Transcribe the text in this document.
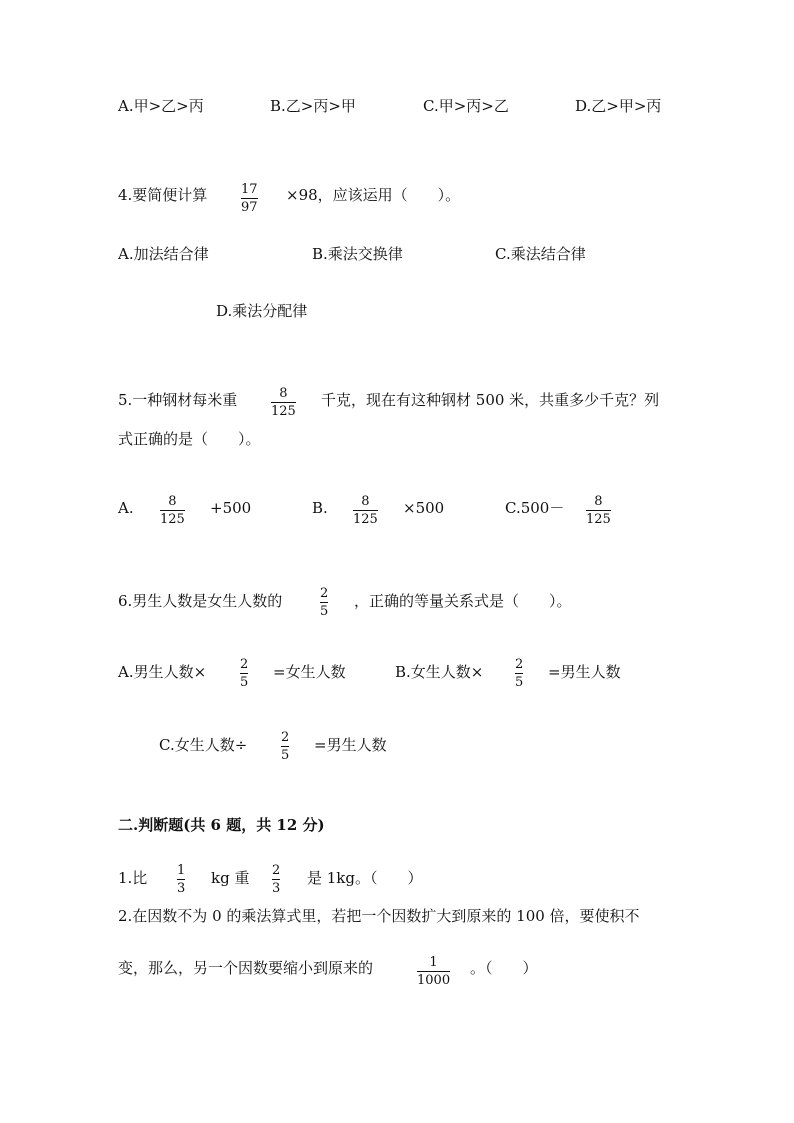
A.甲>乙>丙	B.乙>丙>甲	C.甲>丙>乙	D.乙>甲>丙
4.要简便计算	17
97
×98，应该运用（　　）。
A.加法结合律	B.乘法交换律	C.乘法结合律
D.乘法分配律
5.一种钢材每米重	8
125
千克，现在有这种钢材 500 米，共重多少千克？列
式正确的是（　　）。
A.	8
125
+500	B.	8
125
×500	C.500－ 8
125
6.男生人数是女生人数的	2
5
，正确的等量关系式是（　　）。
A.男生人数×	2
5
=女生人数	B.女生人数× 2
5
=男生人数
C.女生人数÷	2
5
=男生人数
二.判断题(共 6 题，共 12 分)
1.比 1
3
kg 重 2
3
是 1kg。（　　）
2.在因数不为 0 的乘法算式里，若把一个因数扩大到原来的 100 倍，要使积不
变，那么，另一个因数要缩小到原来的	1
1000
。（　　）
